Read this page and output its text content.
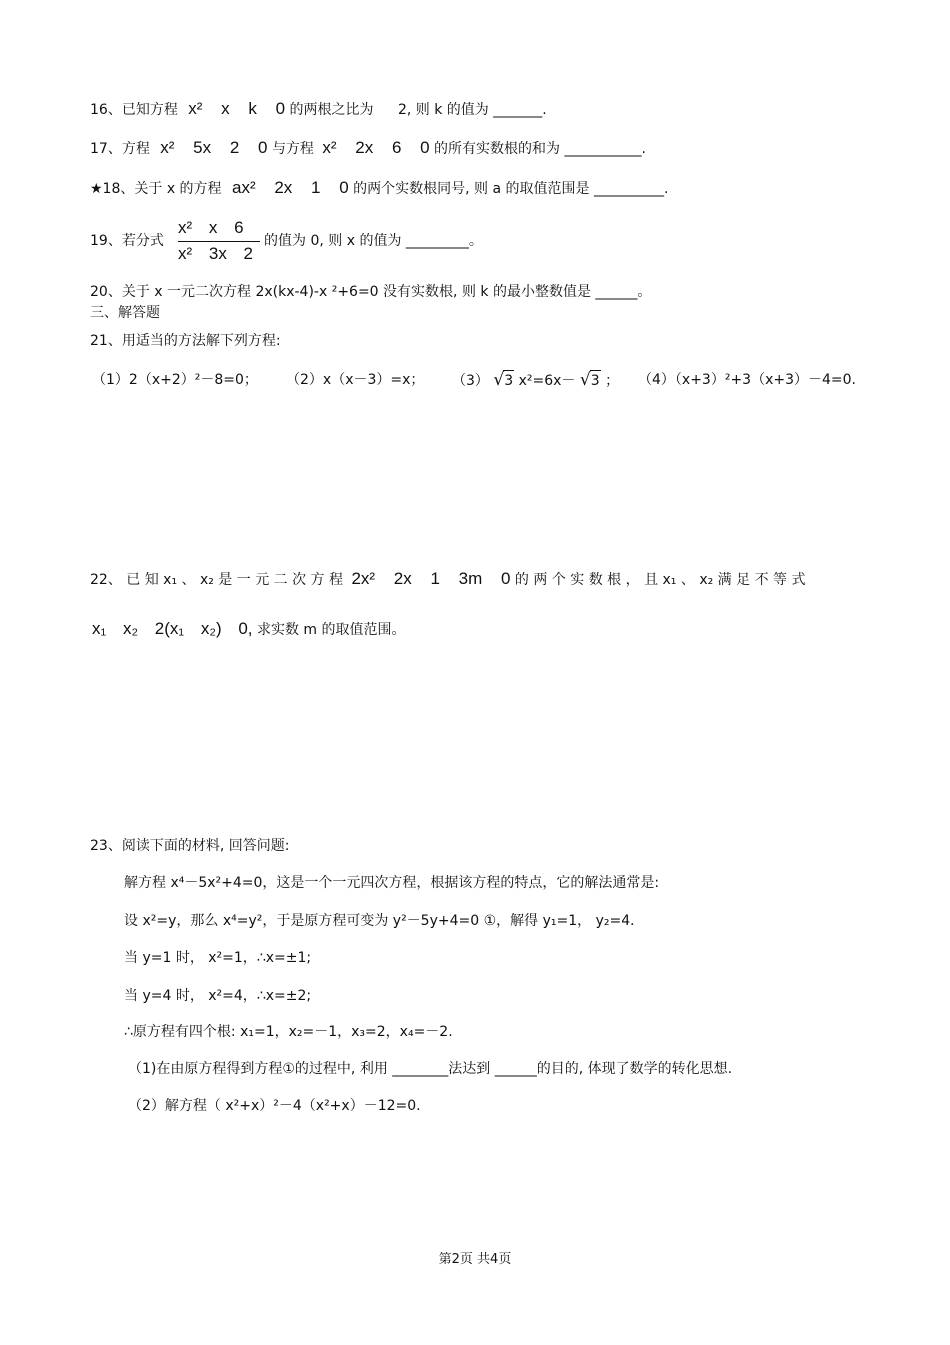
16、已知方程 x² x k 0 的两根之比为 2, 则 k 的值为 _______.
17、方程 x² 5x 2 0 与方程 x² 2x 6 0 的所有实数根的和为 ___________.
★18、关于 x 的方程 ax² 2x 1 0 的两个实数根同号, 则 a 的取值范围是 __________.
19、若分式
x² x 6
x² 3x 2
的值为 0, 则 x 的值为 _________。
20、关于 x 一元二次方程 2x(kx-4)-x ²+6=0 没有实数根, 则 k 的最小整数值是 ______。
三、解答题
21、用适当的方法解下列方程:
（1）2（x+2）²－8=0； （2）x（x－3）=x； （3） √3 x²=6x－ √3 ； （4）（x+3）²+3（x+3）－4=0.
22、 已 知 x₁ 、 x₂ 是 一 元 二 次 方 程 2x² 2x 1 3m 0 的 两 个 实 数 根 ， 且 x₁ 、 x₂ 满 足 不 等 式
x₁ x₂ 2(x₁ x₂) 0, 求实数 m 的取值范围。
23、阅读下面的材料, 回答问题:
解方程 x⁴－5x²+4=0，这是一个一元四次方程，根据该方程的特点，它的解法通常是:
设 x²=y，那么 x⁴=y²，于是原方程可变为 y²－5y+4=0 ①，解得 y₁=1， y₂=4．
当 y=1 时， x²=1，∴x=±1;
当 y=4 时， x²=4，∴x=±2;
∴原方程有四个根: x₁=1，x₂=－1，x₃=2，x₄=－2.
（1)在由原方程得到方程①的过程中, 利用 ________法达到 ______的目的, 体现了数学的转化思想.
（2）解方程（ x²+x）²－4（x²+x）－12=0.
第2页 共4页
